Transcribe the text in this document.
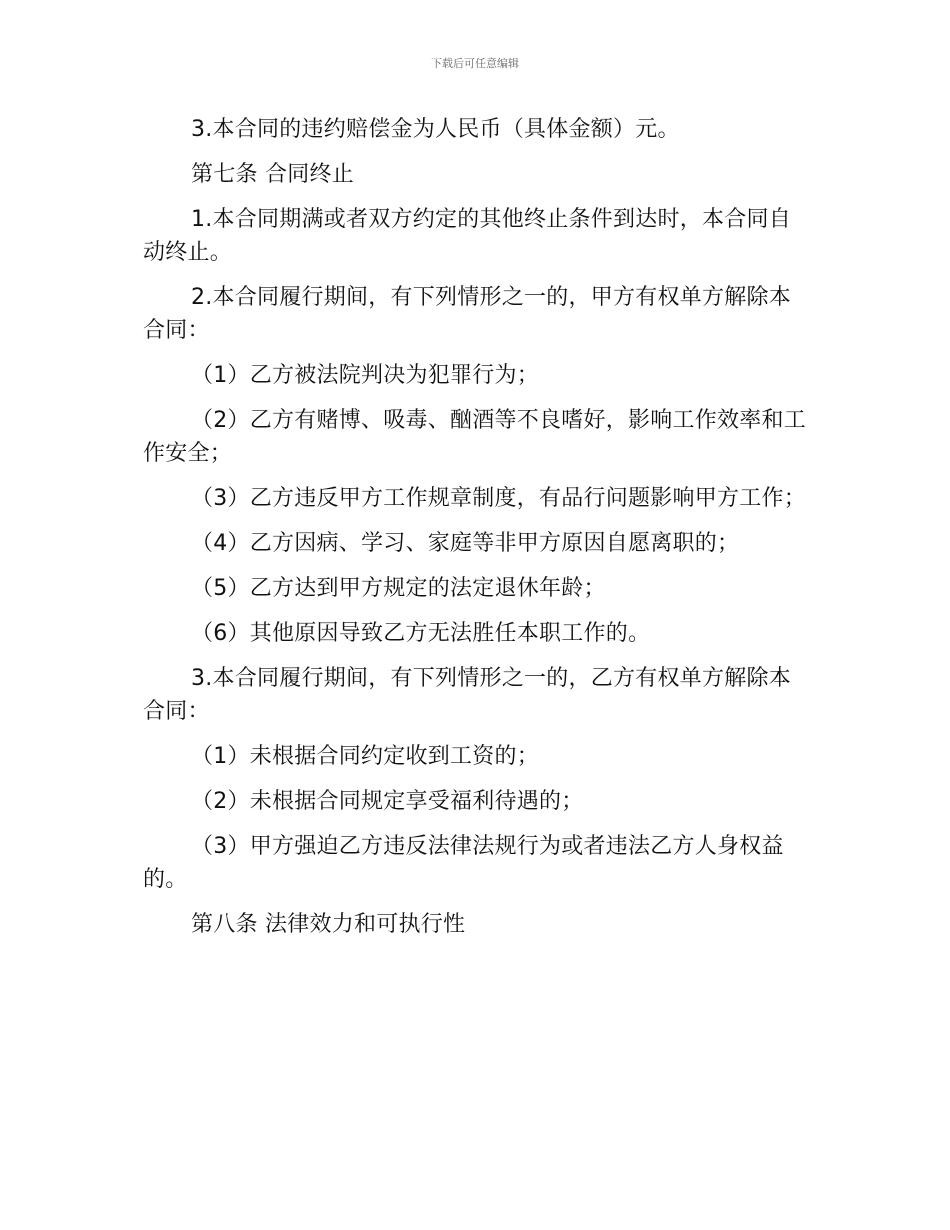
下载后可任意编辑

3.本合同的违约赔偿金为人民币（具体金额）元。

第七条 合同终止

1.本合同期满或者双方约定的其他终止条件到达时，本合同自动终止。

2.本合同履行期间，有下列情形之一的，甲方有权单方解除本合同：

（1）乙方被法院判决为犯罪行为；

（2）乙方有赌博、吸毒、酗酒等不良嗜好，影响工作效率和工作安全；

（3）乙方违反甲方工作规章制度，有品行问题影响甲方工作；

（4）乙方因病、学习、家庭等非甲方原因自愿离职的；

（5）乙方达到甲方规定的法定退休年龄；

（6）其他原因导致乙方无法胜任本职工作的。

3.本合同履行期间，有下列情形之一的，乙方有权单方解除本合同：

（1）未根据合同约定收到工资的；

（2）未根据合同规定享受福利待遇的；

（3）甲方强迫乙方违反法律法规行为或者违法乙方人身权益的。

第八条 法律效力和可执行性
